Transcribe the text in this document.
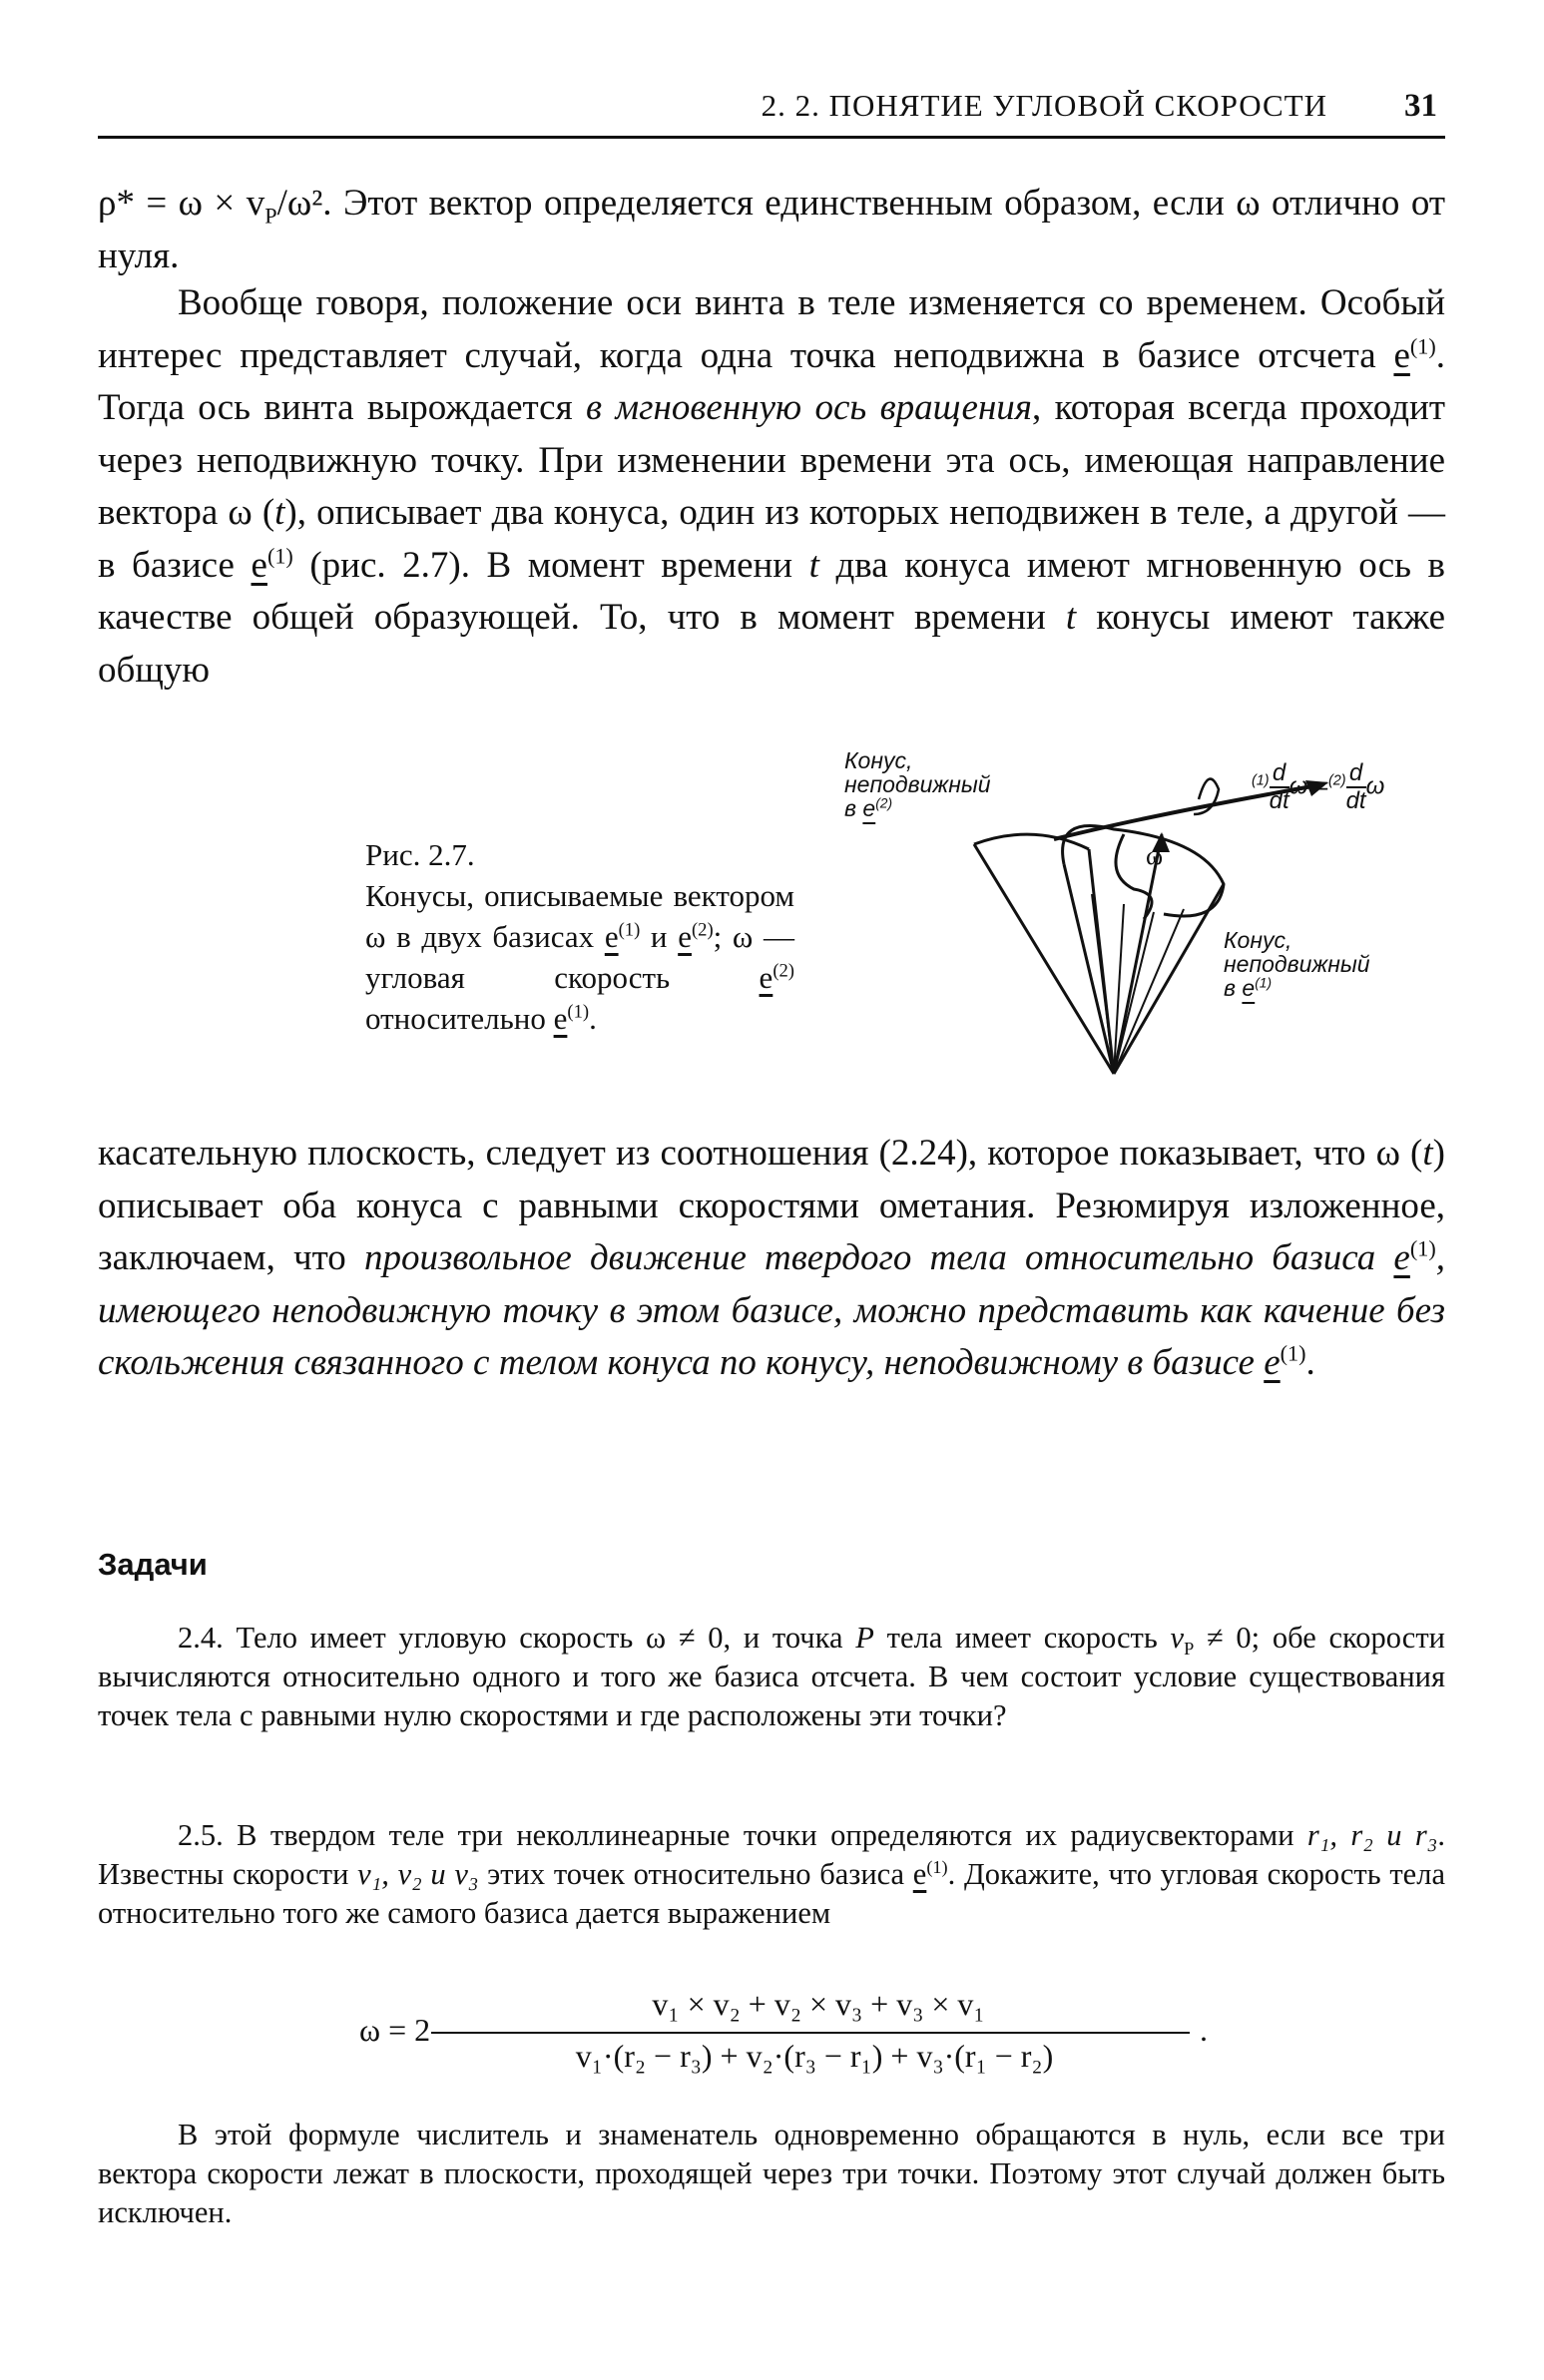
2. 2. ПОНЯТИЕ УГЛОВОЙ СКОРОСТИ 31

$\rho* = \omega \times v_P/\omega^2$. Этот вектор определяется единственным образом, если ω отлично от нуля.

Вообще говоря, положение оси винта в теле изменяется со временем. Особый интерес представляет случай, когда одна точка неподвижна в базисе отсчета $e^{(1)}$. Тогда ось винта вырождается в мгновенную ось вращения, которая всегда проходит через неподвижную точку. При изменении времени эта ось, имеющая направление вектора ω (t), описывает два конуса, один из которых неподвижен в теле, а другой — в базисе $e^{(1)}$ (рис. 2.7). В момент времени t два конуса имеют мгновенную ось в качестве общей образующей. То, что в момент времени t конусы имеют также общую

Рис. 2.7.

Конусы, описываемые вектором ω в двух базисах $e^{(1)}$ и $e^{(2)}$; ω — угловая скорость $e^{(2)}$ относительно $e^{(1)}$.

Конус,
неподвижный
в $e^{(2)}$
ω
Конус,
неподвижный
в $e^{(1)}$
$^{(1)} \frac{d}{dt}$ $\omega =^{(2)} \frac{d}{dt}$ ω

касательную плоскость, следует из соотношения (2.24), которое показывает, что ω (t) описывает оба конуса с равными скоростями ометания. Резюмируя изложенное, заключаем, что произвольное движение твердого тела относительно базиса $e^{(1)}$, имеющего неподвижную точку в этом базисе, можно представить как качение без скольжения связанного с телом конуса по конусу, неподвижному в базисе $e^{(1)}$.

Задачи

2.4. Тело имеет угловую скорость ω ≠ 0, и точка P тела имеет скорость $v_P \ne 0$; обе скорости вычисляются относительно одного и того же базиса отсчета. В чем состоит условие существования точек тела с равными нулю скоростями и где расположены эти точки?

2.5. В твердом теле три неколлинеарные точки определяются их радиусвекторами r₁, r₂ и r₃. Известны скорости v₁, v₂ и v₃ этих точек относительно базиса $e^{(1)}$. Докажите, что угловая скорость тела относительно того же самого базиса дается выражением

ω = 2
v₁ × v₂ + v₂ × v₃ + v₃ × v₁
v₁·(r₂ − r₃) + v₂·(r₃ − r₁) + v₃·(r₁ − r₂)
.

В этой формуле числитель и знаменатель одновременно обращаются в нуль, если все три вектора скорости лежат в плоскости, проходящей через три точки. Поэтому этот случай должен быть исключен.
